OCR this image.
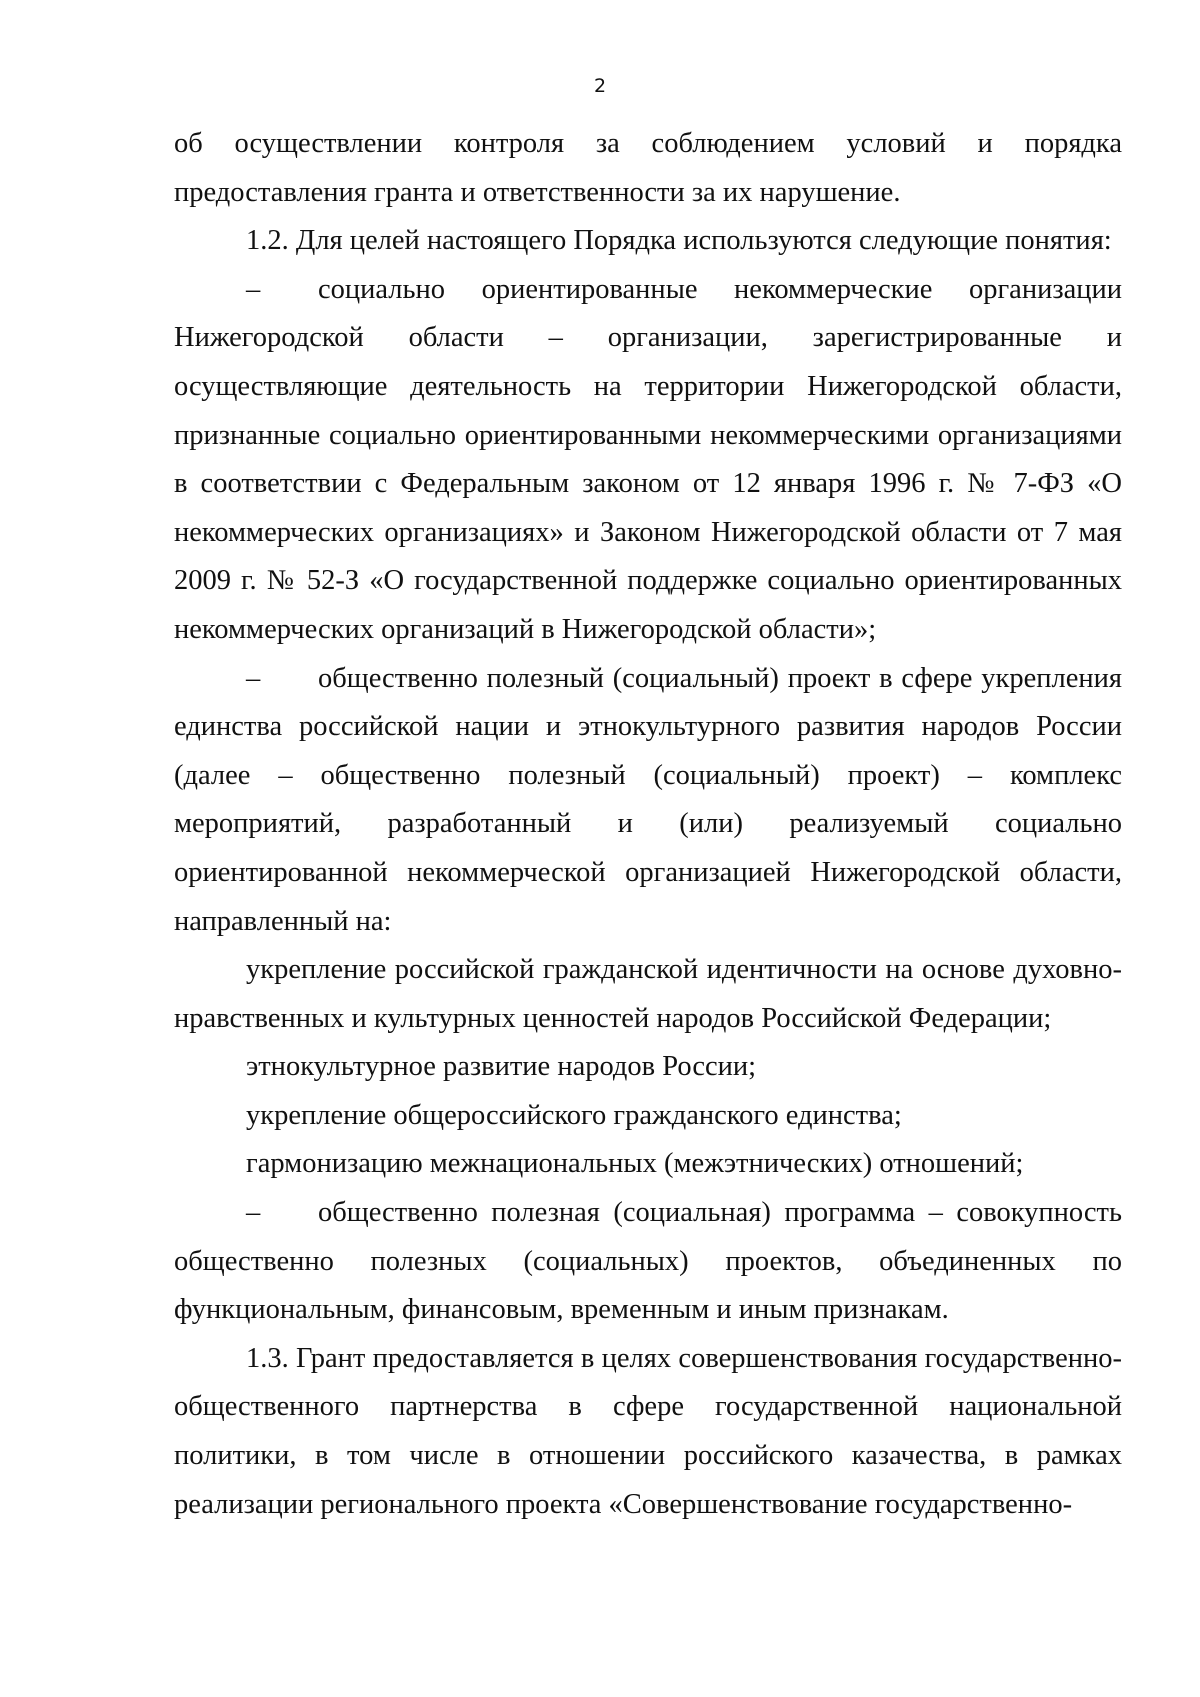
2

об осуществлении контроля за соблюдением условий и порядка предоставления гранта и ответственности за их нарушение.

1.2. Для целей настоящего Порядка используются следующие понятия:

– социально ориентированные некоммерческие организации Нижегородской области – организации, зарегистрированные и осуществляющие деятельность на территории Нижегородской области, признанные социально ориентированными некоммерческими организациями в соответствии с Федеральным законом от 12 января 1996 г. № 7-ФЗ «О некоммерческих организациях» и Законом Нижегородской области от 7 мая 2009 г. № 52-З «О государственной поддержке социально ориентированных некоммерческих организаций в Нижегородской области»;

– общественно полезный (социальный) проект в сфере укрепления единства российской нации и этнокультурного развития народов России (далее – общественно полезный (социальный) проект) – комплекс мероприятий, разработанный и (или) реализуемый социально ориентированной некоммерческой организацией Нижегородской области, направленный на:

укрепление российской гражданской идентичности на основе духовно-нравственных и культурных ценностей народов Российской Федерации;

этнокультурное развитие народов России;

укрепление общероссийского гражданского единства;

гармонизацию межнациональных (межэтнических) отношений;

– общественно полезная (социальная) программа – совокупность общественно полезных (социальных) проектов, объединенных по функциональным, финансовым, временным и иным признакам.

1.3. Грант предоставляется в целях совершенствования государственно-общественного партнерства в сфере государственной национальной политики, в том числе в отношении российского казачества, в рамках реализации регионального проекта «Совершенствование государственно-
